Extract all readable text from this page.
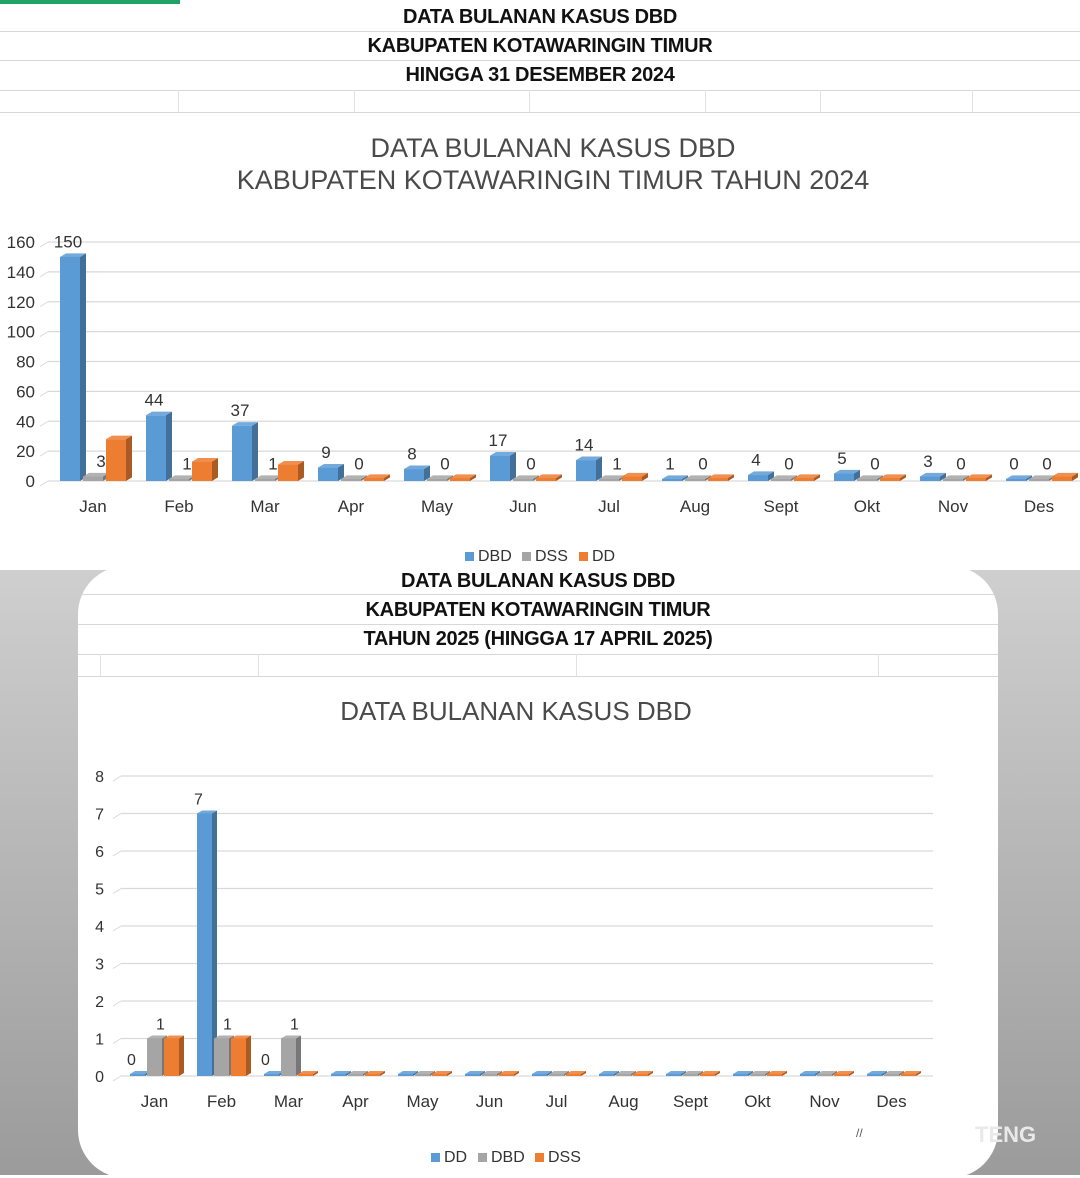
DATA BULANAN KASUS DBD
KABUPATEN KOTAWARINGIN TIMUR
HINGGA 31 DESEMBER 2024
DATA BULANAN KASUS DBD
KABUPATEN KOTAWARINGIN TIMUR TAHUN 2024
0
20
40
60
80
100
120
140
160
Jan
150
3
Feb
44
1
Mar
37
1
Apr
9
0
May
8
0
Jun
17
0
Jul
14
1
Aug
1 0
Sept
4 0
Okt
5 0
Nov
3 0
Des
0 0
DBD DSS DD
DATA BULANAN KASUS DBD
KABUPATEN KOTAWARINGIN TIMUR
TAHUN 2025 (HINGGA 17 APRIL 2025)
DATA BULANAN KASUS DBD
0
1
2
3
4
5
6
7
8
Jan
0
1
Feb
7
1
Mar
0
1
Apr May Jun Jul Aug Sept Okt Nov Des
DD DBD DSS
//	TENG
